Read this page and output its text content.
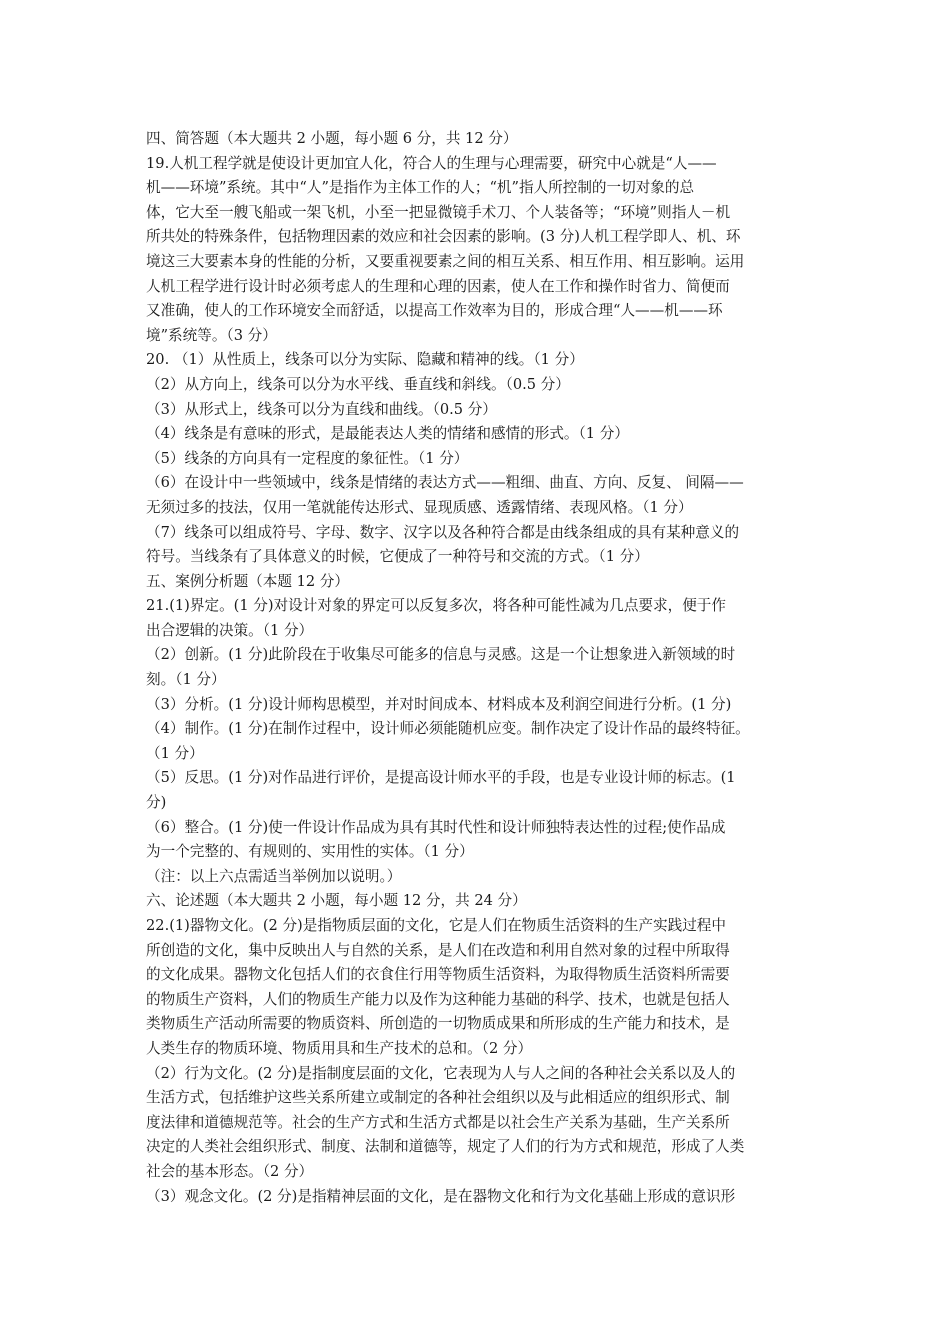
四、简答题（本大题共 2 小题，每小题 6 分，共 12 分）
19.人机工程学就是使设计更加宜人化，符合人的生理与心理需要，研究中心就是“人——
机——环境”系统。其中“人”是指作为主体工作的人；“机”指人所控制的一切对象的总
体，它大至一艘飞船或一架飞机，小至一把显微镜手术刀、个人装备等；“环境”则指人－机
所共处的特殊条件，包括物理因素的效应和社会因素的影响。(3 分)人机工程学即人、机、环
境这三大要素本身的性能的分析，又要重视要素之间的相互关系、相互作用、相互影响。运用
人机工程学进行设计时必须考虑人的生理和心理的因素，使人在工作和操作时省力、简便而
又准确，使人的工作环境安全而舒适，以提高工作效率为目的，形成合理“人——机——环
境”系统等。（3 分）
20. （1）从性质上，线条可以分为实际、隐藏和精神的线。（1 分）
（2）从方向上，线条可以分为水平线、垂直线和斜线。（0.5 分）
（3）从形式上，线条可以分为直线和曲线。（0.5 分）
（4）线条是有意味的形式，是最能表达人类的情绪和感情的形式。（1 分）
（5）线条的方向具有一定程度的象征性。（1 分）
（6）在设计中一些领域中，线条是情绪的表达方式——粗细、曲直、方向、反复、 间隔——
无须过多的技法，仅用一笔就能传达形式、显现质感、透露情绪、表现风格。（1 分）
（7）线条可以组成符号、字母、数字、汉字以及各种符合都是由线条组成的具有某种意义的
符号。当线条有了具体意义的时候，它便成了一种符号和交流的方式。（1 分）
五、案例分析题（本题 12 分）
21.(1)界定。(1 分)对设计对象的界定可以反复多次，将各种可能性减为几点要求，便于作
出合逻辑的决策。（1 分）
（2）创新。(1 分)此阶段在于收集尽可能多的信息与灵感。这是一个让想象进入新领域的时
刻。（1 分）
（3）分析。(1 分)设计师构思模型，并对时间成本、材料成本及利润空间进行分析。(1 分)
（4）制作。(1 分)在制作过程中，设计师必须能随机应变。制作决定了设计作品的最终特征。
（1 分）
（5）反思。(1 分)对作品进行评价，是提高设计师水平的手段，也是专业设计师的标志。(1
分)
（6）整合。(1 分)使一件设计作品成为具有其时代性和设计师独特表达性的过程;使作品成
为一个完整的、有规则的、实用性的实体。（1 分）
（注：以上六点需适当举例加以说明。）
六、论述题（本大题共 2 小题，每小题 12 分，共 24 分）
22.(1)器物文化。(2 分)是指物质层面的文化，它是人们在物质生活资料的生产实践过程中
所创造的文化，集中反映出人与自然的关系，是人们在改造和利用自然对象的过程中所取得
的文化成果。器物文化包括人们的衣食住行用等物质生活资料，为取得物质生活资料所需要
的物质生产资料，人们的物质生产能力以及作为这种能力基础的科学、技术，也就是包括人
类物质生产活动所需要的物质资料、所创造的一切物质成果和所形成的生产能力和技术，是
人类生存的物质环境、物质用具和生产技术的总和。（2 分）
（2）行为文化。(2 分)是指制度层面的文化，它表现为人与人之间的各种社会关系以及人的
生活方式，包括维护这些关系所建立或制定的各种社会组织以及与此相适应的组织形式、制
度法律和道德规范等。社会的生产方式和生活方式都是以社会生产关系为基础，生产关系所
决定的人类社会组织形式、制度、法制和道德等，规定了人们的行为方式和规范，形成了人类
社会的基本形态。（2 分）
（3）观念文化。(2 分)是指精神层面的文化，是在器物文化和行为文化基础上形成的意识形
